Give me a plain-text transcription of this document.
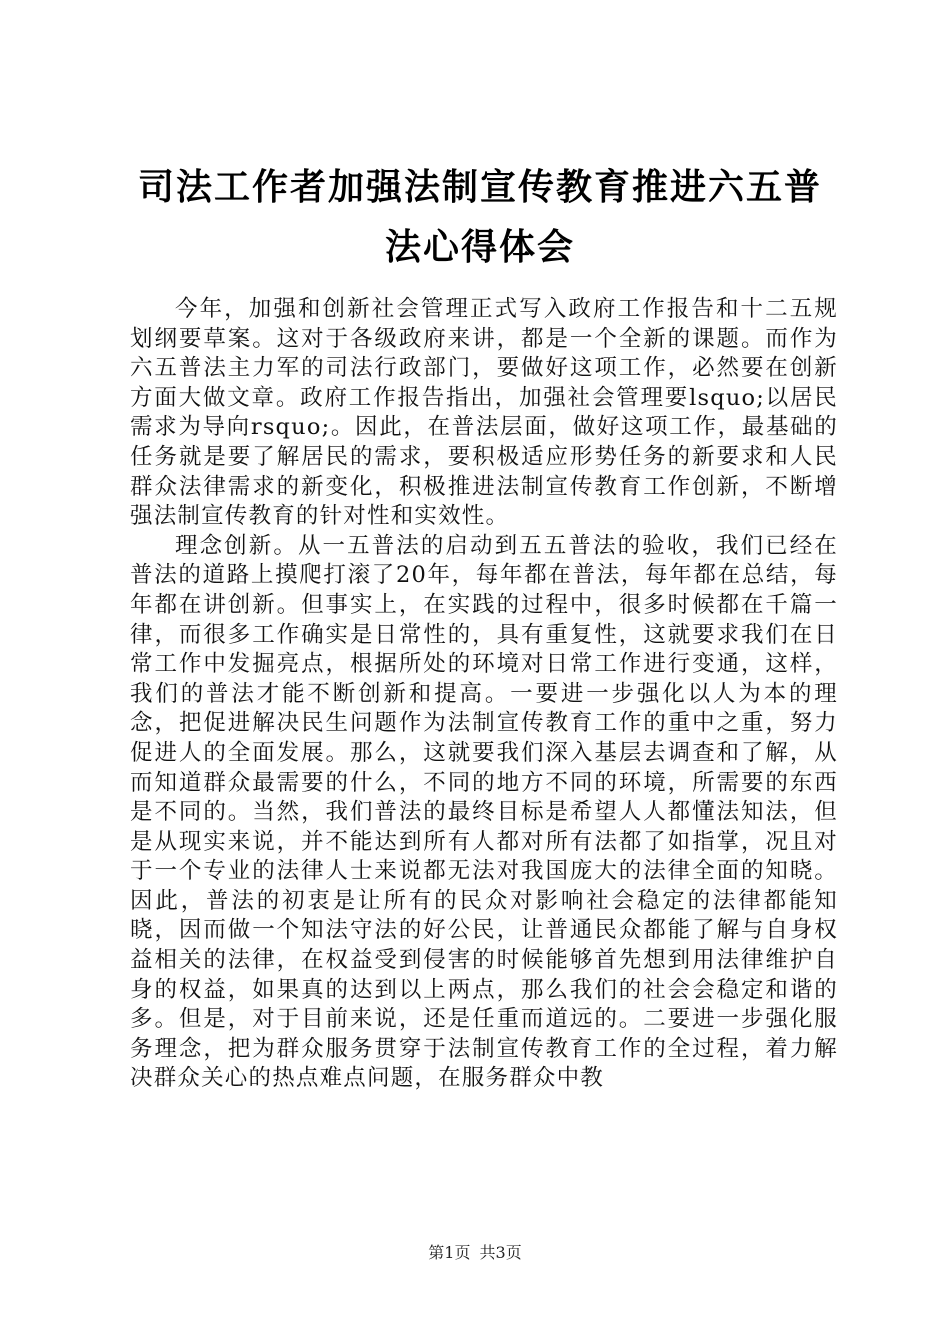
司法工作者加强法制宣传教育推进六五普法心得体会

今年，加强和创新社会管理正式写入政府工作报告和十二五规划纲要草案。这对于各级政府来讲，都是一个全新的课题。而作为六五普法主力军的司法行政部门，要做好这项工作，必然要在创新方面大做文章。政府工作报告指出，加强社会管理要lsquo;以居民需求为导向rsquo;。因此，在普法层面，做好这项工作，最基础的任务就是要了解居民的需求，要积极适应形势任务的新要求和人民群众法律需求的新变化，积极推进法制宣传教育工作创新，不断增强法制宣传教育的针对性和实效性。

理念创新。从一五普法的启动到五五普法的验收，我们已经在普法的道路上摸爬打滚了20年，每年都在普法，每年都在总结，每年都在讲创新。但事实上，在实践的过程中，很多时候都在千篇一律，而很多工作确实是日常性的，具有重复性，这就要求我们在日常工作中发掘亮点，根据所处的环境对日常工作进行变通，这样，我们的普法才能不断创新和提高。一要进一步强化以人为本的理念，把促进解决民生问题作为法制宣传教育工作的重中之重，努力促进人的全面发展。那么，这就要我们深入基层去调查和了解，从而知道群众最需要的什么，不同的地方不同的环境，所需要的东西是不同的。当然，我们普法的最终目标是希望人人都懂法知法，但是从现实来说，并不能达到所有人都对所有法都了如指掌，况且对于一个专业的法律人士来说都无法对我国庞大的法律全面的知晓。因此，普法的初衷是让所有的民众对影响社会稳定的法律都能知晓，因而做一个知法守法的好公民，让普通民众都能了解与自身权益相关的法律，在权益受到侵害的时候能够首先想到用法律维护自身的权益，如果真的达到以上两点，那么我们的社会会稳定和谐的多。但是，对于目前来说，还是任重而道远的。二要进一步强化服务理念，把为群众服务贯穿于法制宣传教育工作的全过程，着力解决群众关心的热点难点问题，在服务群众中教

第1页 共3页
